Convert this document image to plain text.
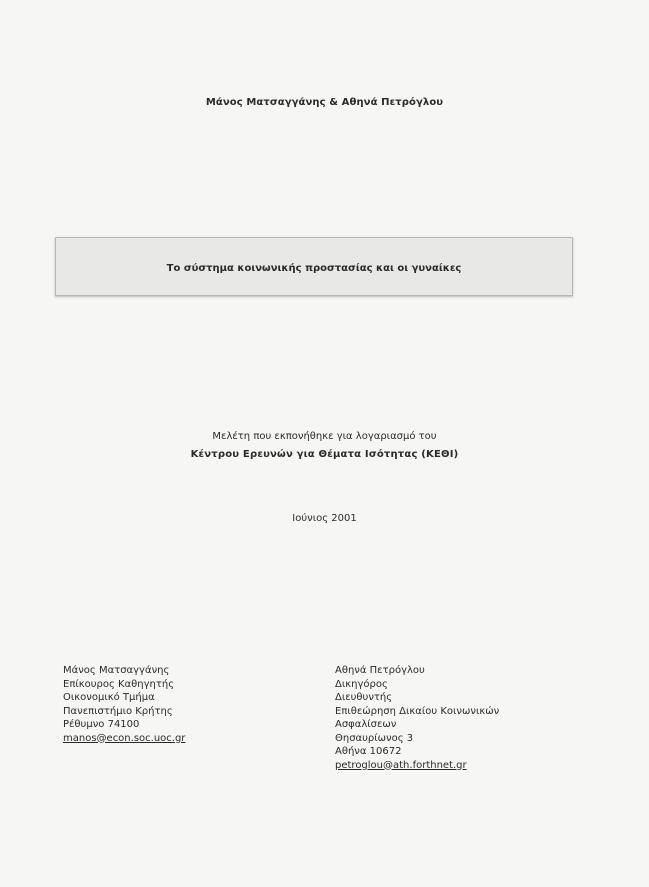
Μάνος Ματσαγγάνης & Αθηνά Πετρόγλου
Το σύστημα κοινωνικής προστασίας και οι γυναίκες
Μελέτη που εκπονήθηκε για λογαριασμό του
Κέντρου Ερευνών για Θέματα Ισότητας (ΚΕΘΙ)
Ιούνιος 2001
Μάνος Ματσαγγάνης
Επίκουρος Καθηγητής
Οικονομικό Τμήμα
Πανεπιστήμιο Κρήτης
Ρέθυμνο 74100
manos@econ.soc.uoc.gr
Αθηνά Πετρόγλου
Δικηγόρος
Διευθυντής
Επιθεώρηση Δικαίου Κοινωνικών
Ασφαλίσεων
Θησαυρίωνος 3
Αθήνα 10672
petroglou@ath.forthnet.gr
